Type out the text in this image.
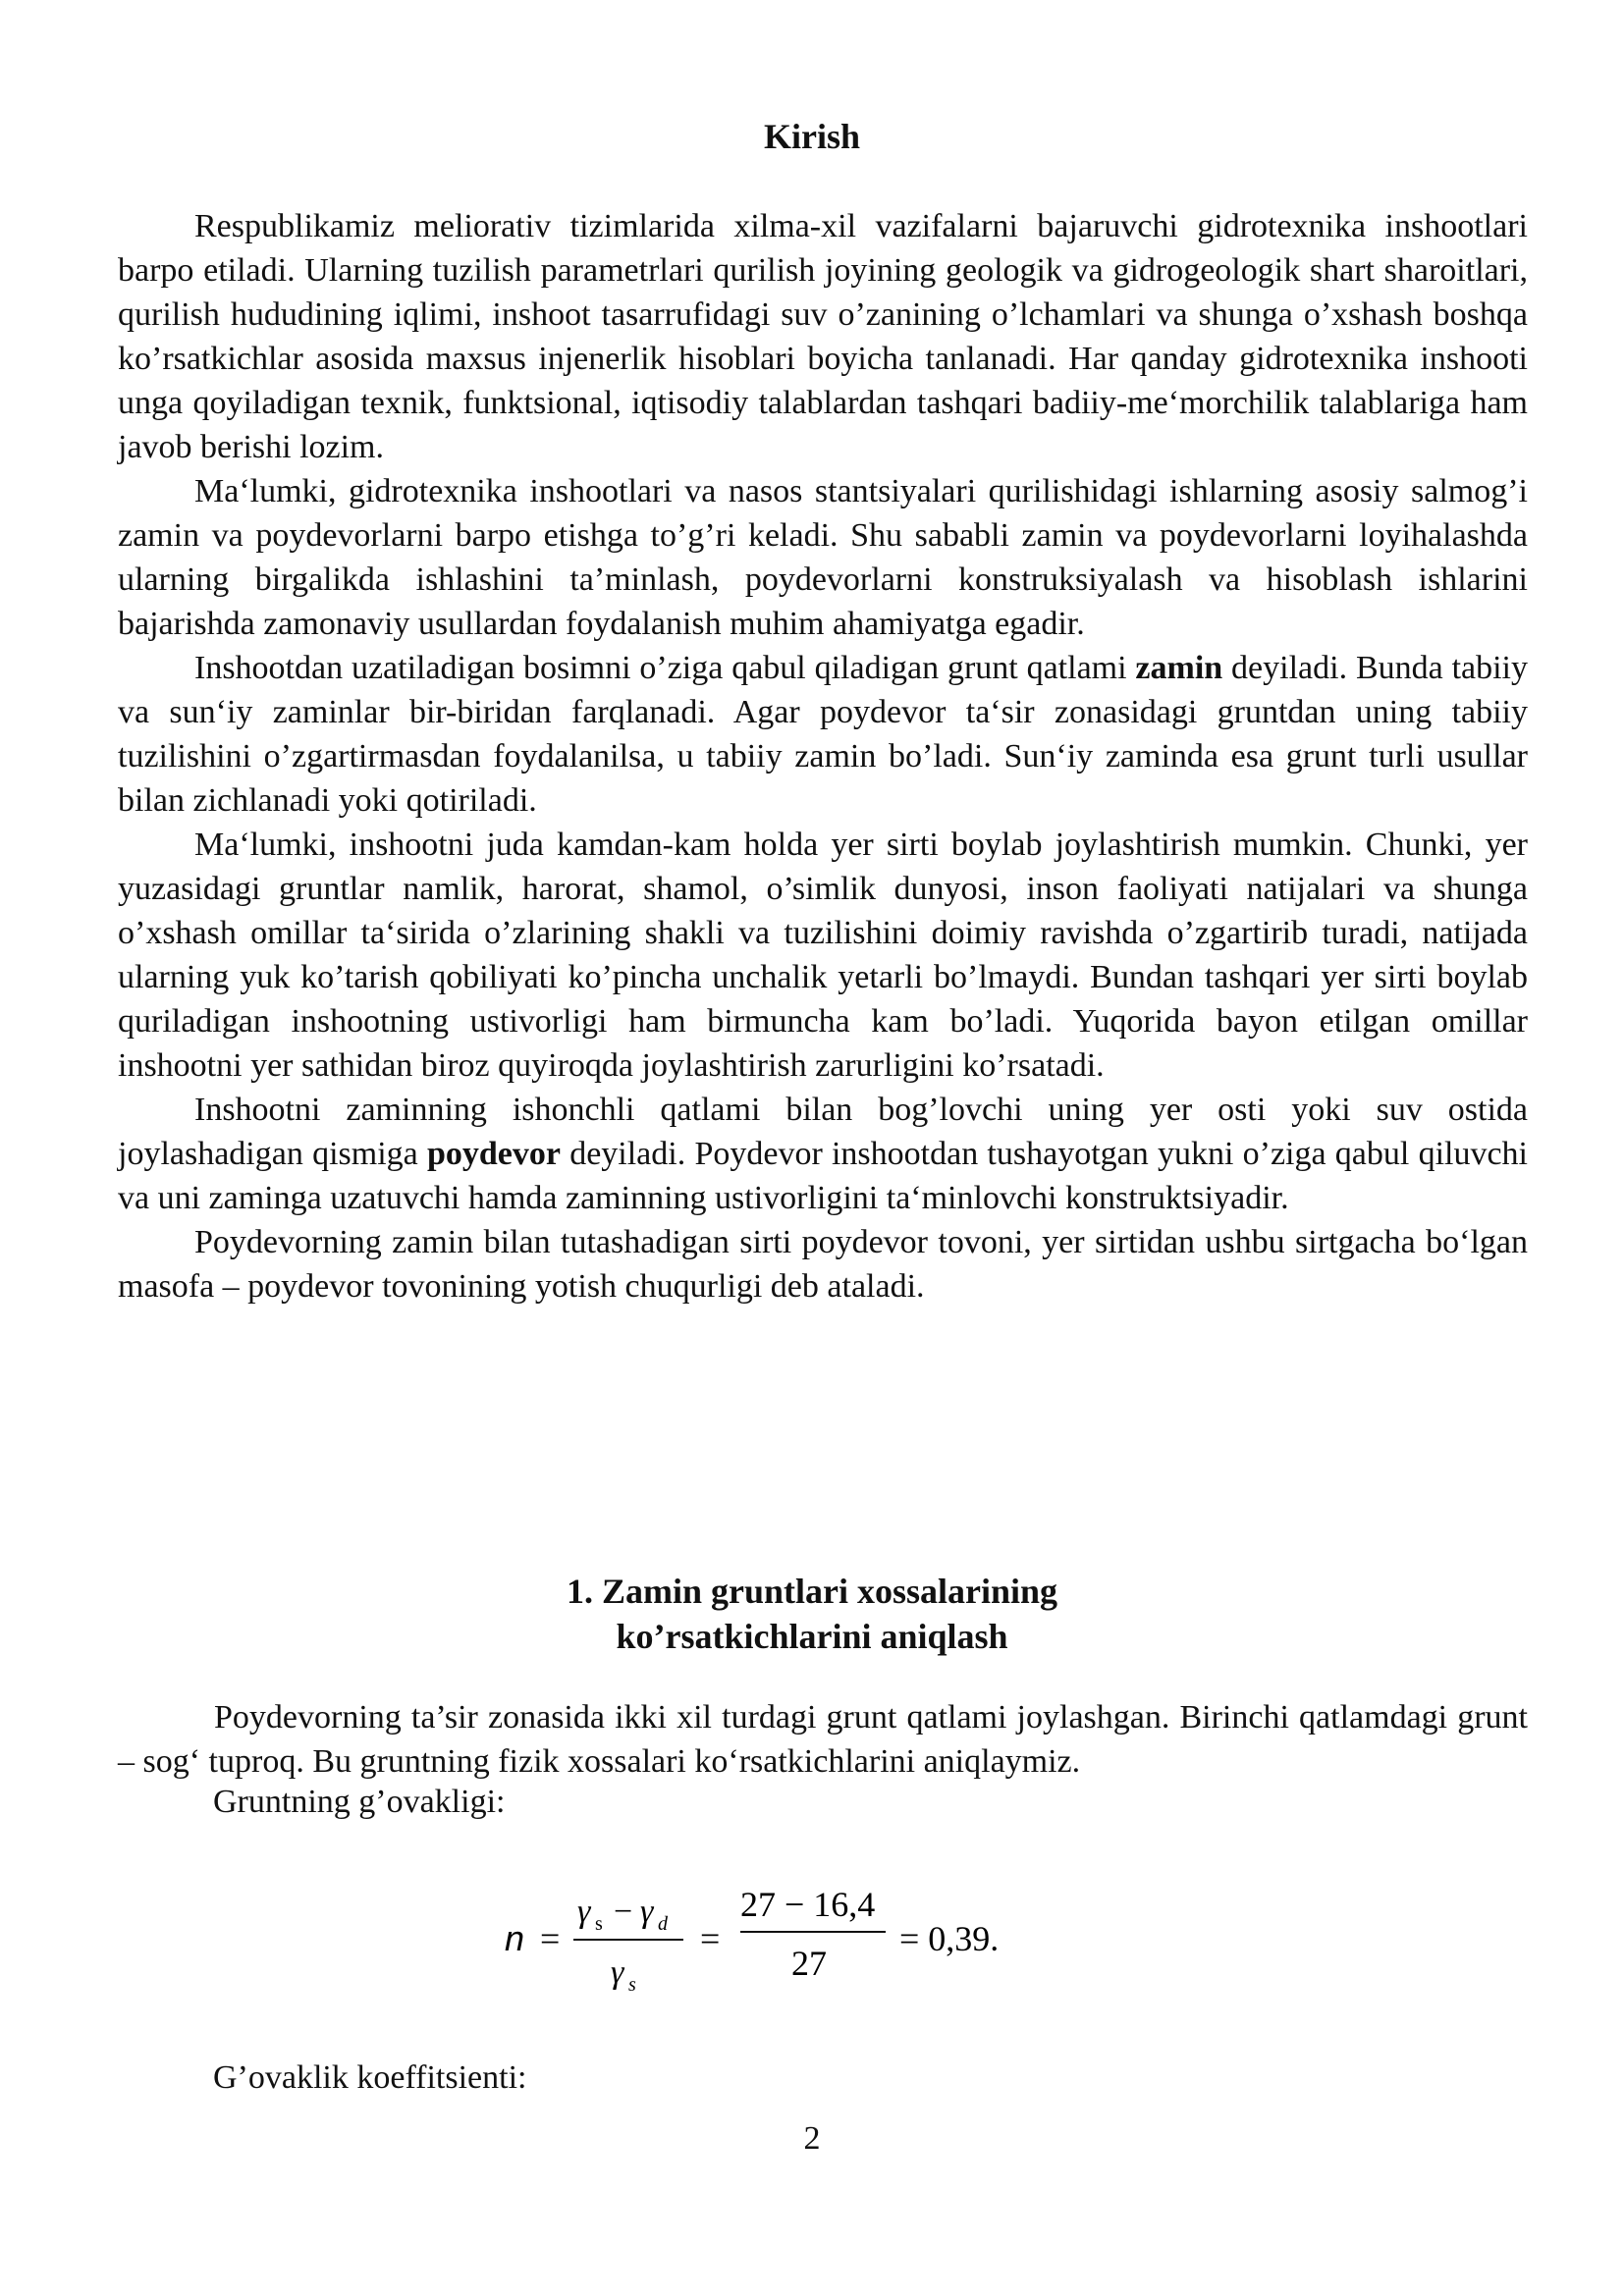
Kirish

Respublikamiz meliorativ tizimlarida xilma-xil vazifalarni bajaruvchi gidrotexnika inshootlari barpo etiladi. Ularning tuzilish parametrlari qurilish joyining geologik va gidrogeologik shart sharoitlari, qurilish hududining iqlimi, inshoot tasarrufidagi suv o’zanining o’lchamlari va shunga o’xshash boshqa ko’rsatkichlar asosida maxsus injenerlik hisoblari boyicha tanlanadi. Har qanday gidrotexnika inshooti unga qoyiladigan texnik, funktsional, iqtisodiy talablardan tashqari badiiy-me‘morchilik talablariga ham javob berishi lozim.

Ma‘lumki, gidrotexnika inshootlari va nasos stantsiyalari qurilishidagi ishlarning asosiy salmog’i zamin va poydevorlarni barpo etishga to’g’ri keladi. Shu sababli zamin va poydevorlarni loyihalashda ularning birgalikda ishlashini ta’minlash, poydevorlarni konstruksiyalash va hisoblash ishlarini bajarishda zamonaviy usullardan foydalanish muhim ahamiyatga egadir.

Inshootdan uzatiladigan bosimni o’ziga qabul qiladigan grunt qatlami zamin deyiladi. Bunda tabiiy va sun‘iy zaminlar bir-biridan farqlanadi. Agar poydevor ta‘sir zonasidagi gruntdan uning tabiiy tuzilishini o’zgartirmasdan foydalanilsa, u tabiiy zamin bo’ladi. Sun‘iy zaminda esa grunt turli usullar bilan zichlanadi yoki qotiriladi.

Ma‘lumki, inshootni juda kamdan-kam holda yer sirti boylab joylashtirish mumkin. Chunki, yer yuzasidagi gruntlar namlik, harorat, shamol, o’simlik dunyosi, inson faoliyati natijalari va shunga o’xshash omillar ta‘sirida o’zlarining shakli va tuzilishini doimiy ravishda o’zgartirib turadi, natijada ularning yuk ko’tarish qobiliyati ko’pincha unchalik yetarli bo’lmaydi. Bundan tashqari yer sirti boylab quriladigan inshootning ustivorligi ham birmuncha kam bo’ladi. Yuqorida bayon etilgan omillar inshootni yer sathidan biroz quyiroqda joylashtirish zarurligini ko’rsatadi.

Inshootni zaminning ishonchli qatlami bilan bog’lovchi uning yer osti yoki suv ostida joylashadigan qismiga poydevor deyiladi. Poydevor inshootdan tushayotgan yukni o’ziga qabul qiluvchi va uni zaminga uzatuvchi hamda zaminning ustivorligini ta‘minlovchi konstruktsiyadir.

Poydevorning zamin bilan tutashadigan sirti poydevor tovoni, yer sirtidan ushbu sirtgacha bo‘lgan masofa – poydevor tovonining yotish chuqurligi deb ataladi.

1. Zamin gruntlari xossalarining
ko’rsatkichlarini aniqlash

Poydevorning ta’sir zonasida ikki xil turdagi grunt qatlami joylashgan. Birinchi qatlamdagi grunt – sog‘ tuproq. Bu gruntning fizik xossalari ko‘rsatkichlarini aniqlaymiz.

Gruntning g’ovakligi:
n =
γ s − γ d
γ s
=
27 − 16,4
27
= 0,39.
G’ovaklik koeffitsienti:
2
